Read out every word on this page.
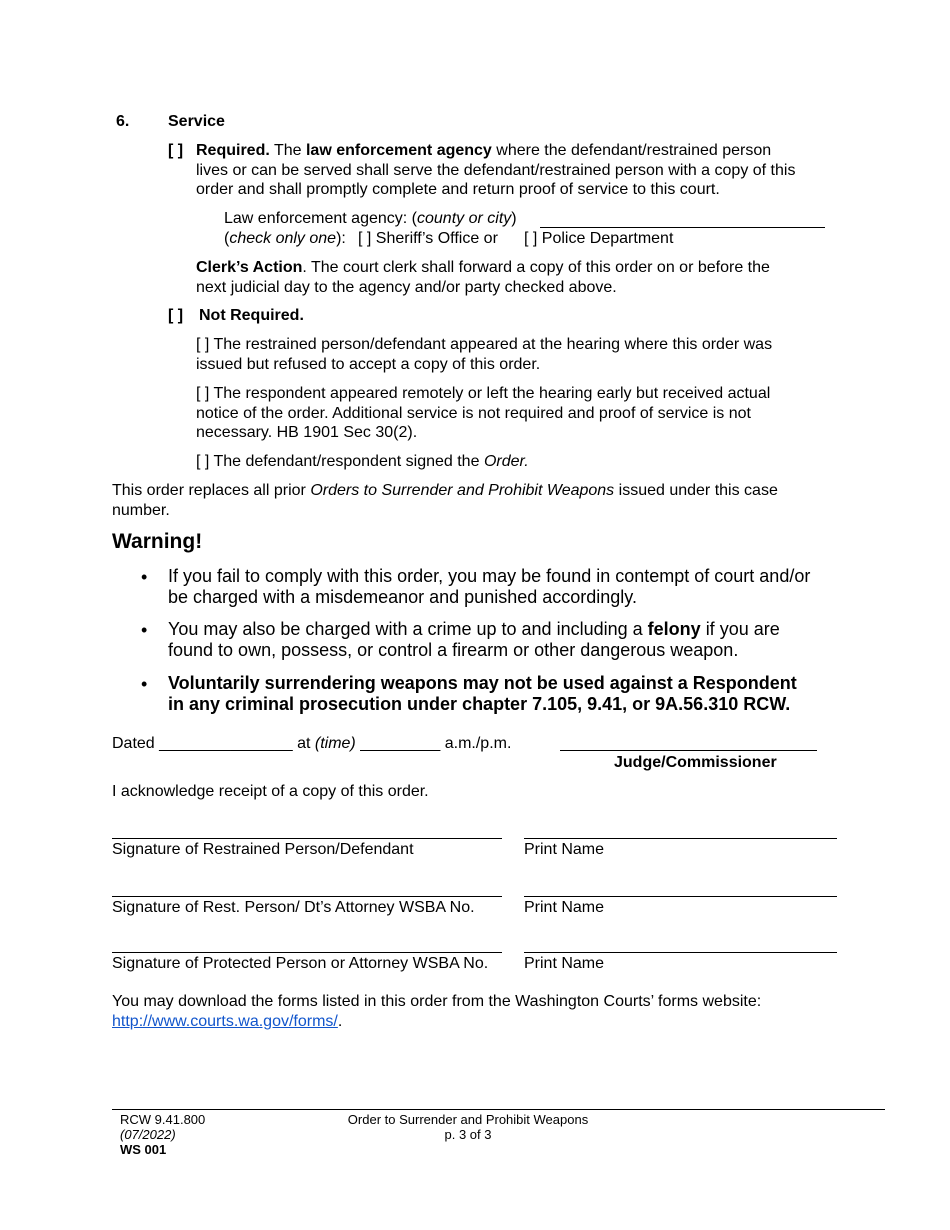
6. Service
[ ] Required. The law enforcement agency where the defendant/restrained person
lives or can be served shall serve the defendant/restrained person with a copy of this
order and shall promptly complete and return proof of service to this court.
Law enforcement agency: (county or city)
(check only one): [ ] Sheriff’s Office or [ ] Police Department
Clerk’s Action. The court clerk shall forward a copy of this order on or before the
next judicial day to the agency and/or party checked above.
[ ] Not Required.
[ ] The restrained person/defendant appeared at the hearing where this order was
issued but refused to accept a copy of this order.
[ ] The respondent appeared remotely or left the hearing early but received actual
notice of the order. Additional service is not required and proof of service is not
necessary. HB 1901 Sec 30(2).
[ ] The defendant/respondent signed the Order.
This order replaces all prior Orders to Surrender and Prohibit Weapons issued under this case
number.
Warning!
• If you fail to comply with this order, you may be found in contempt of court and/or
be charged with a misdemeanor and punished accordingly.
• You may also be charged with a crime up to and including a felony if you are
found to own, possess, or control a firearm or other dangerous weapon.
• Voluntarily surrendering weapons may not be used against a Respondent
in any criminal prosecution under chapter 7.105, 9.41, or 9A.56.310 RCW.
Dated _______________ at (time) _________ a.m./p.m.
Judge/Commissioner
I acknowledge receipt of a copy of this order.
Signature of Restrained Person/Defendant	Print Name
Signature of Rest. Person/ Dt’s Attorney WSBA No.	Print Name
Signature of Protected Person or Attorney WSBA No. Print Name
You may download the forms listed in this order from the Washington Courts’ forms website:
http://www.courts.wa.gov/forms/.
RCW 9.41.800
(07/2022)
WS 001
Order to Surrender and Prohibit Weapons
p. 3 of 3
